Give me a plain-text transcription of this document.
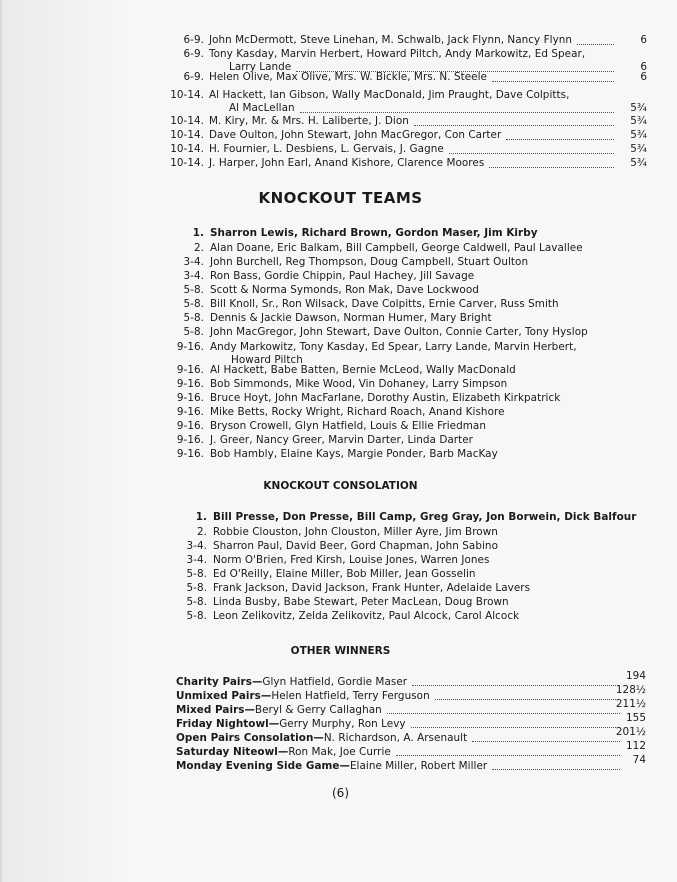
KNOCKOUT TEAMS
KNOCKOUT CONSOLATION
OTHER WINNERS
(6)
6-9. John McDermott, Steve Linehan, M. Schwalb, Jack Flynn, Nancy Flynn	6
6-9. Tony Kasday, Marvin Herbert, Howard Piltch, Andy Markowitz, Ed Spear,
Larry Lande	6
6-9. Helen Olive, Max Olive, Mrs. W. Bickle, Mrs. N. Steele	6
10-14. Al Hackett, Ian Gibson, Wally MacDonald, Jim Praught, Dave Colpitts,
Al MacLellan	5¾
10-14. M. Kiry, Mr. & Mrs. H. Laliberte, J. Dion	5¾
10-14. Dave Oulton, John Stewart, John MacGregor, Con Carter	5¾
10-14. H. Fournier, L. Desbiens, L. Gervais, J. Gagne	5¾
10-14. J. Harper, John Earl, Anand Kishore, Clarence Moores	5¾
1. Sharron Lewis, Richard Brown, Gordon Maser, Jim Kirby
2. Alan Doane, Eric Balkam, Bill Campbell, George Caldwell, Paul Lavallee
3-4. John Burchell, Reg Thompson, Doug Campbell, Stuart Oulton
3-4. Ron Bass, Gordie Chippin, Paul Hachey, Jill Savage
5-8. Scott & Norma Symonds, Ron Mak, Dave Lockwood
5-8. Bill Knoll, Sr., Ron Wilsack, Dave Colpitts, Ernie Carver, Russ Smith
5-8. Dennis & Jackie Dawson, Norman Humer, Mary Bright
5-8. John MacGregor, John Stewart, Dave Oulton, Connie Carter, Tony Hyslop
9-16. Andy Markowitz, Tony Kasday, Ed Spear, Larry Lande, Marvin Herbert,
Howard Piltch
9-16. Al Hackett, Babe Batten, Bernie McLeod, Wally MacDonald
9-16. Bob Simmonds, Mike Wood, Vin Dohaney, Larry Simpson
9-16. Bruce Hoyt, John MacFarlane, Dorothy Austin, Elizabeth Kirkpatrick
9-16. Mike Betts, Rocky Wright, Richard Roach, Anand Kishore
9-16. Bryson Crowell, Glyn Hatfield, Louis & Ellie Friedman
9-16. J. Greer, Nancy Greer, Marvin Darter, Linda Darter
9-16. Bob Hambly, Elaine Kays, Margie Ponder, Barb MacKay
1. Bill Presse, Don Presse, Bill Camp, Greg Gray, Jon Borwein, Dick Balfour
2. Robbie Clouston, John Clouston, Miller Ayre, Jim Brown
3-4. Sharron Paul, David Beer, Gord Chapman, John Sabino
3-4. Norm O'Brien, Fred Kirsh, Louise Jones, Warren Jones
5-8. Ed O'Reilly, Elaine Miller, Bob Miller, Jean Gosselin
5-8. Frank Jackson, David Jackson, Frank Hunter, Adelaide Lavers
5-8. Linda Busby, Babe Stewart, Peter MacLean, Doug Brown
5-8. Leon Zelikovitz, Zelda Zelikovitz, Paul Alcock, Carol Alcock
Charity Pairs—Glyn Hatfield, Gordie Maser	194
Unmixed Pairs—Helen Hatfield, Terry Ferguson	128½
Mixed Pairs—Beryl & Gerry Callaghan	211½
Friday Nightowl—Gerry Murphy, Ron Levy	155
Open Pairs Consolation—N. Richardson, A. Arsenault	201½
Saturday Niteowl—Ron Mak, Joe Currie	112
Monday Evening Side Game—Elaine Miller, Robert Miller	74
